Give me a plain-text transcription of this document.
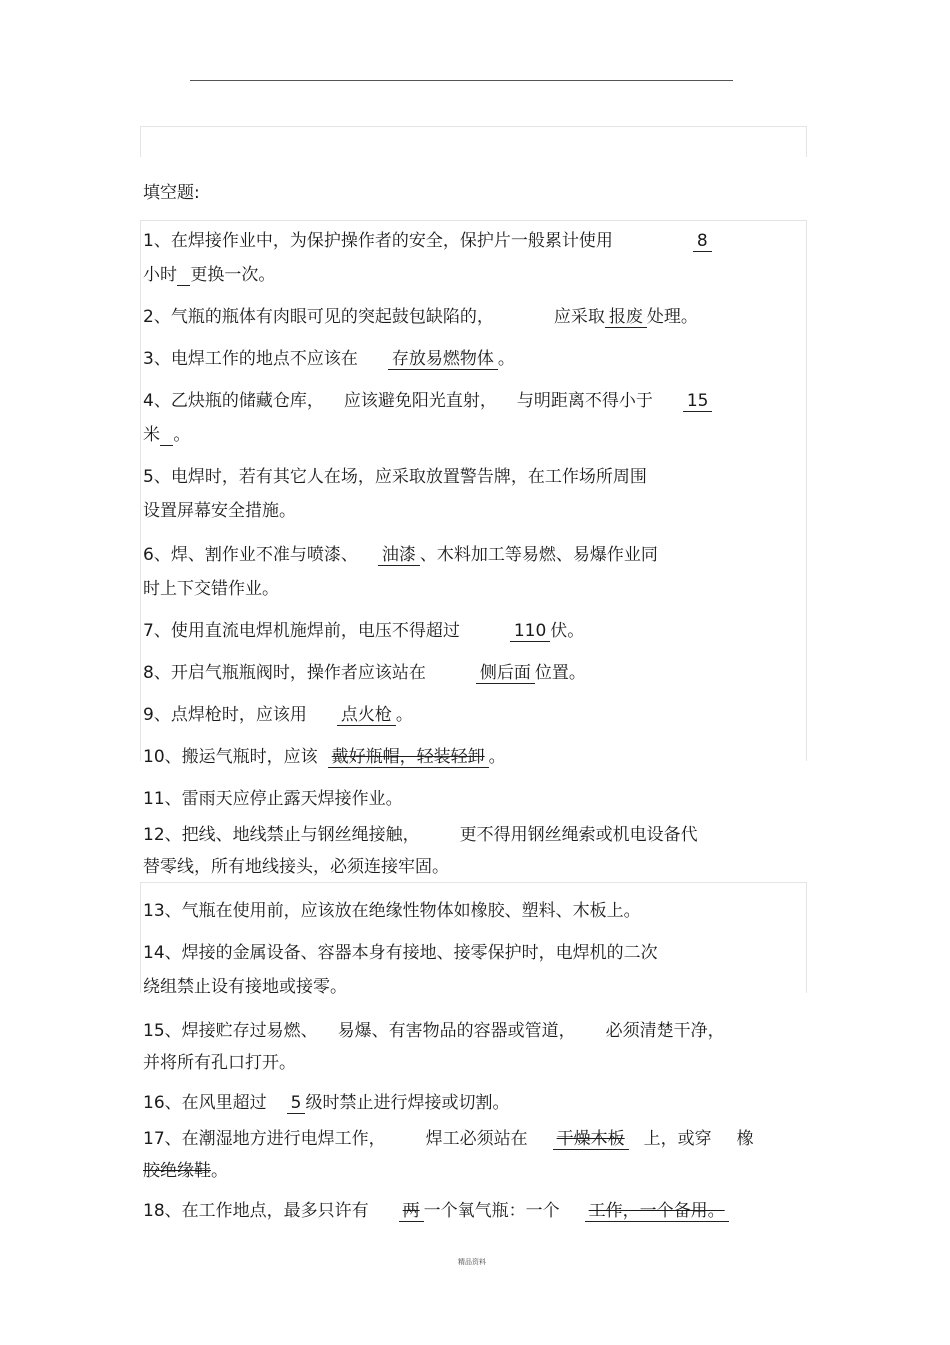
填空题:
1、在焊接作业中，为保护操作者的安全，保护片一般累计使用	8
小时 更换一次。
2、气瓶的瓶体有肉眼可见的突起鼓包缺陷的，	应采取 报废 处理。
3、电焊工作的地点不应该在 存放易燃物体 。
4、乙炔瓶的储藏仓库， 应该避免阳光直射， 与明距离不得小于 15
米 。
5、电焊时，若有其它人在场，应采取放置警告牌，在工作场所周围
设置屏幕安全措施。
6、焊、割作业不准与喷漆、 油漆 、木料加工等易燃、易爆作业同
时上下交错作业。
7、使用直流电焊机施焊前，电压不得超过	110 伏。
8、开启气瓶瓶阀时，操作者应该站在	侧后面 位置。
9、点焊枪时，应该用 点火枪 。
10、搬运气瓶时，应该 戴好瓶帽，轻装轻卸 。
11、雷雨天应停止露天焊接作业。
12、把线、地线禁止与钢丝绳接触， 更不得用钢丝绳索或机电设备代
替零线，所有地线接头，必须连接牢固。
13、气瓶在使用前，应该放在绝缘性物体如橡胶、塑料、木板上。
14、焊接的金属设备、容器本身有接地、接零保护时，电焊机的二次
绕组禁止设有接地或接零。
15、焊接贮存过易燃、 易爆、有害物品的容器或管道， 必须清楚干净，
并将所有孔口打开。
16、在风里超过 5 级时禁止进行焊接或切割。
17、在潮湿地方进行电焊工作， 焊工必须站在 干燥木板 上，或穿 橡
胶绝缘鞋。
18、在工作地点，最多只许有 两 一个氧气瓶：一个 工作，一个备用。
精品资料
